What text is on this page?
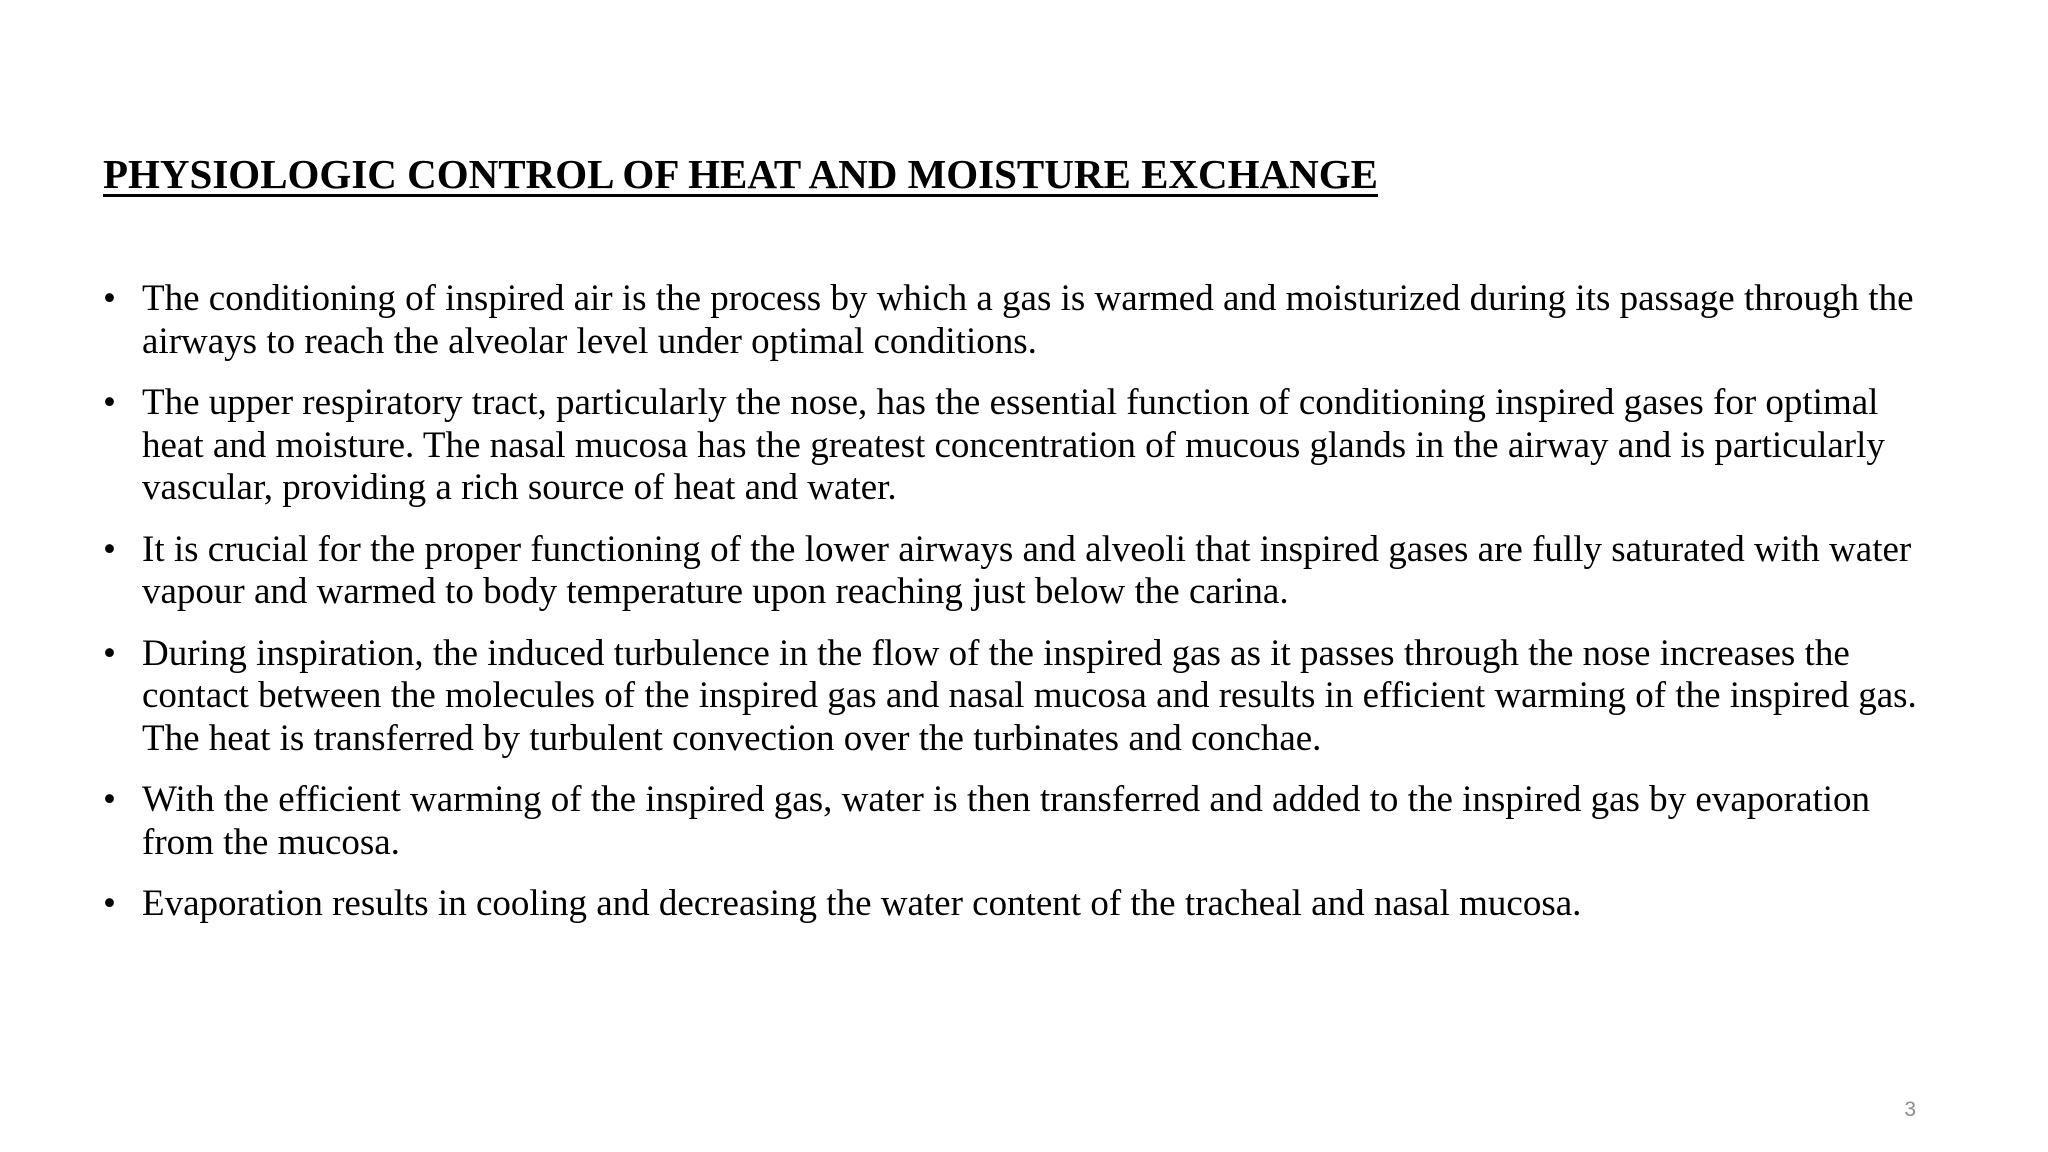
PHYSIOLOGIC CONTROL OF HEAT AND MOISTURE EXCHANGE
• The conditioning of inspired air is the process by which a gas is warmed and moisturized during its passage through the airways to reach the alveolar level under optimal conditions.
• The upper respiratory tract, particularly the nose, has the essential function of conditioning inspired gases for optimal heat and moisture. The nasal mucosa has the greatest concentration of mucous glands in the airway and is particularly vascular, providing a rich source of heat and water.
• It is crucial for the proper functioning of the lower airways and alveoli that inspired gases are fully saturated with water vapour and warmed to body temperature upon reaching just below the carina.
• During inspiration, the induced turbulence in the flow of the inspired gas as it passes through the nose increases the contact between the molecules of the inspired gas and nasal mucosa and results in efficient warming of the inspired gas. The heat is transferred by turbulent convection over the turbinates and conchae.
• With the efficient warming of the inspired gas, water is then transferred and added to the inspired gas by evaporation from the mucosa.
• Evaporation results in cooling and decreasing the water content of the tracheal and nasal mucosa.
3
